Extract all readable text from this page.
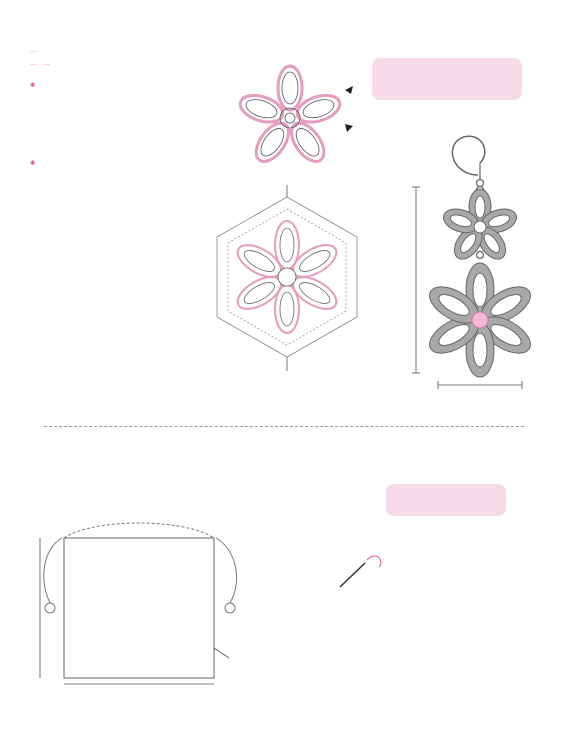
…
…    …
✱
✱
